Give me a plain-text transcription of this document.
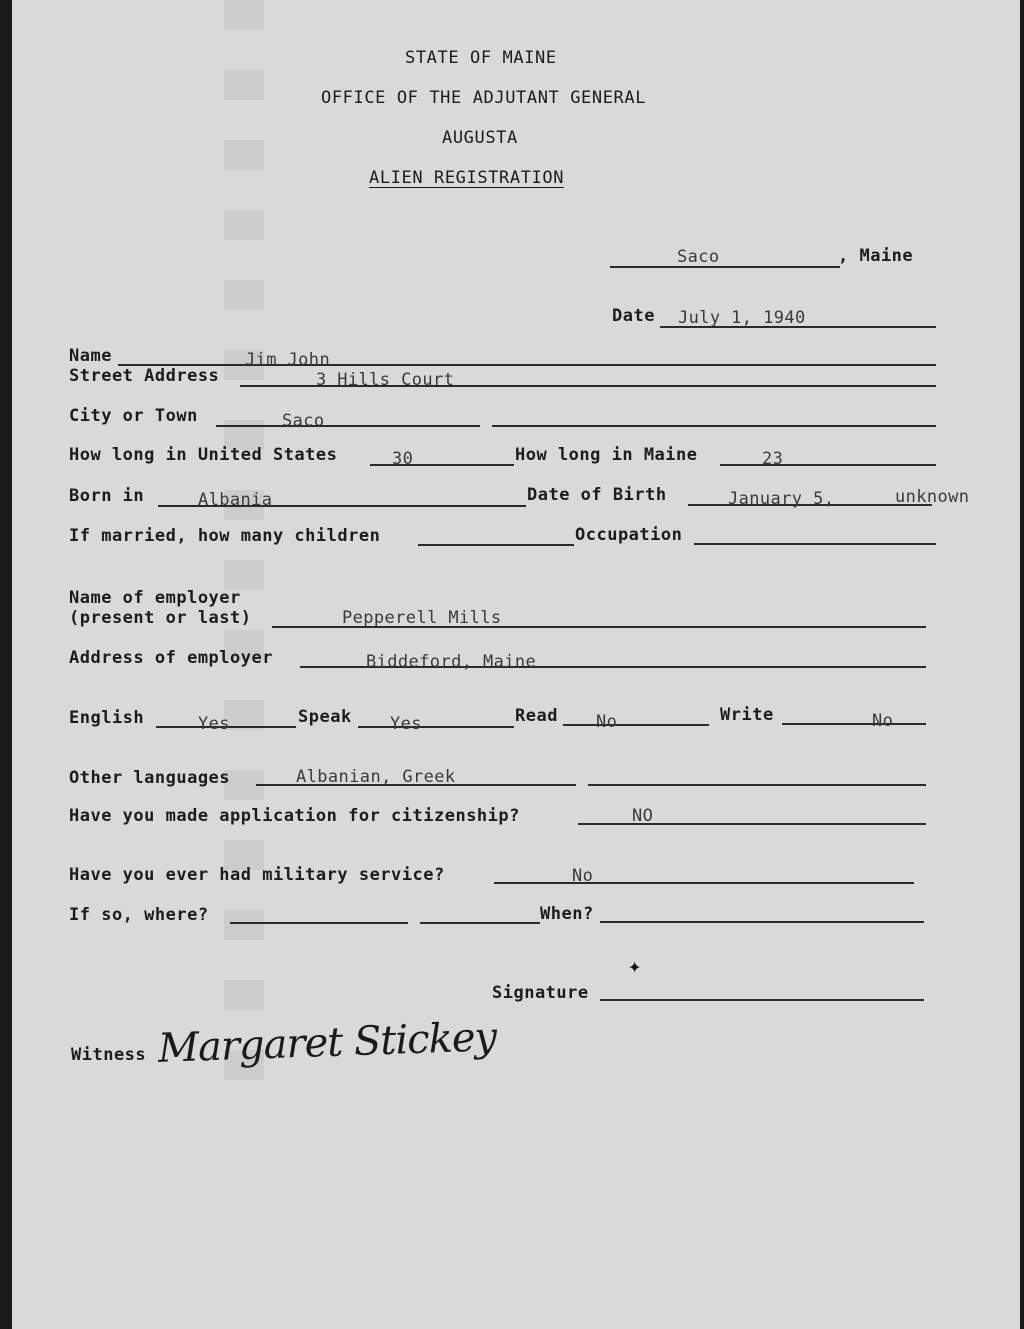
STATE OF MAINE
OFFICE OF THE ADJUTANT GENERAL
AUGUSTA
ALIEN REGISTRATION
Saco	, Maine
Date July 1, 1940
Name	Jim John
Street Address	3 Hills Court
City or Town	Saco
How long in United States	30	How long in Maine	23
Born in	Albania	Date of Birth	January 5,	unknown
If married, how many children	Occupation
Name of employer
(present or last)	Pepperell Mills
Address of employer	Biddeford, Maine
English	Yes	Speak Yes	Read No	Write	No
Other languages	Albanian, Greek
Have you made application for citizenship?	NO
Have you ever had military service?	No
If so, where?	When?
✦
Signature
Witness Margaret Stickey
